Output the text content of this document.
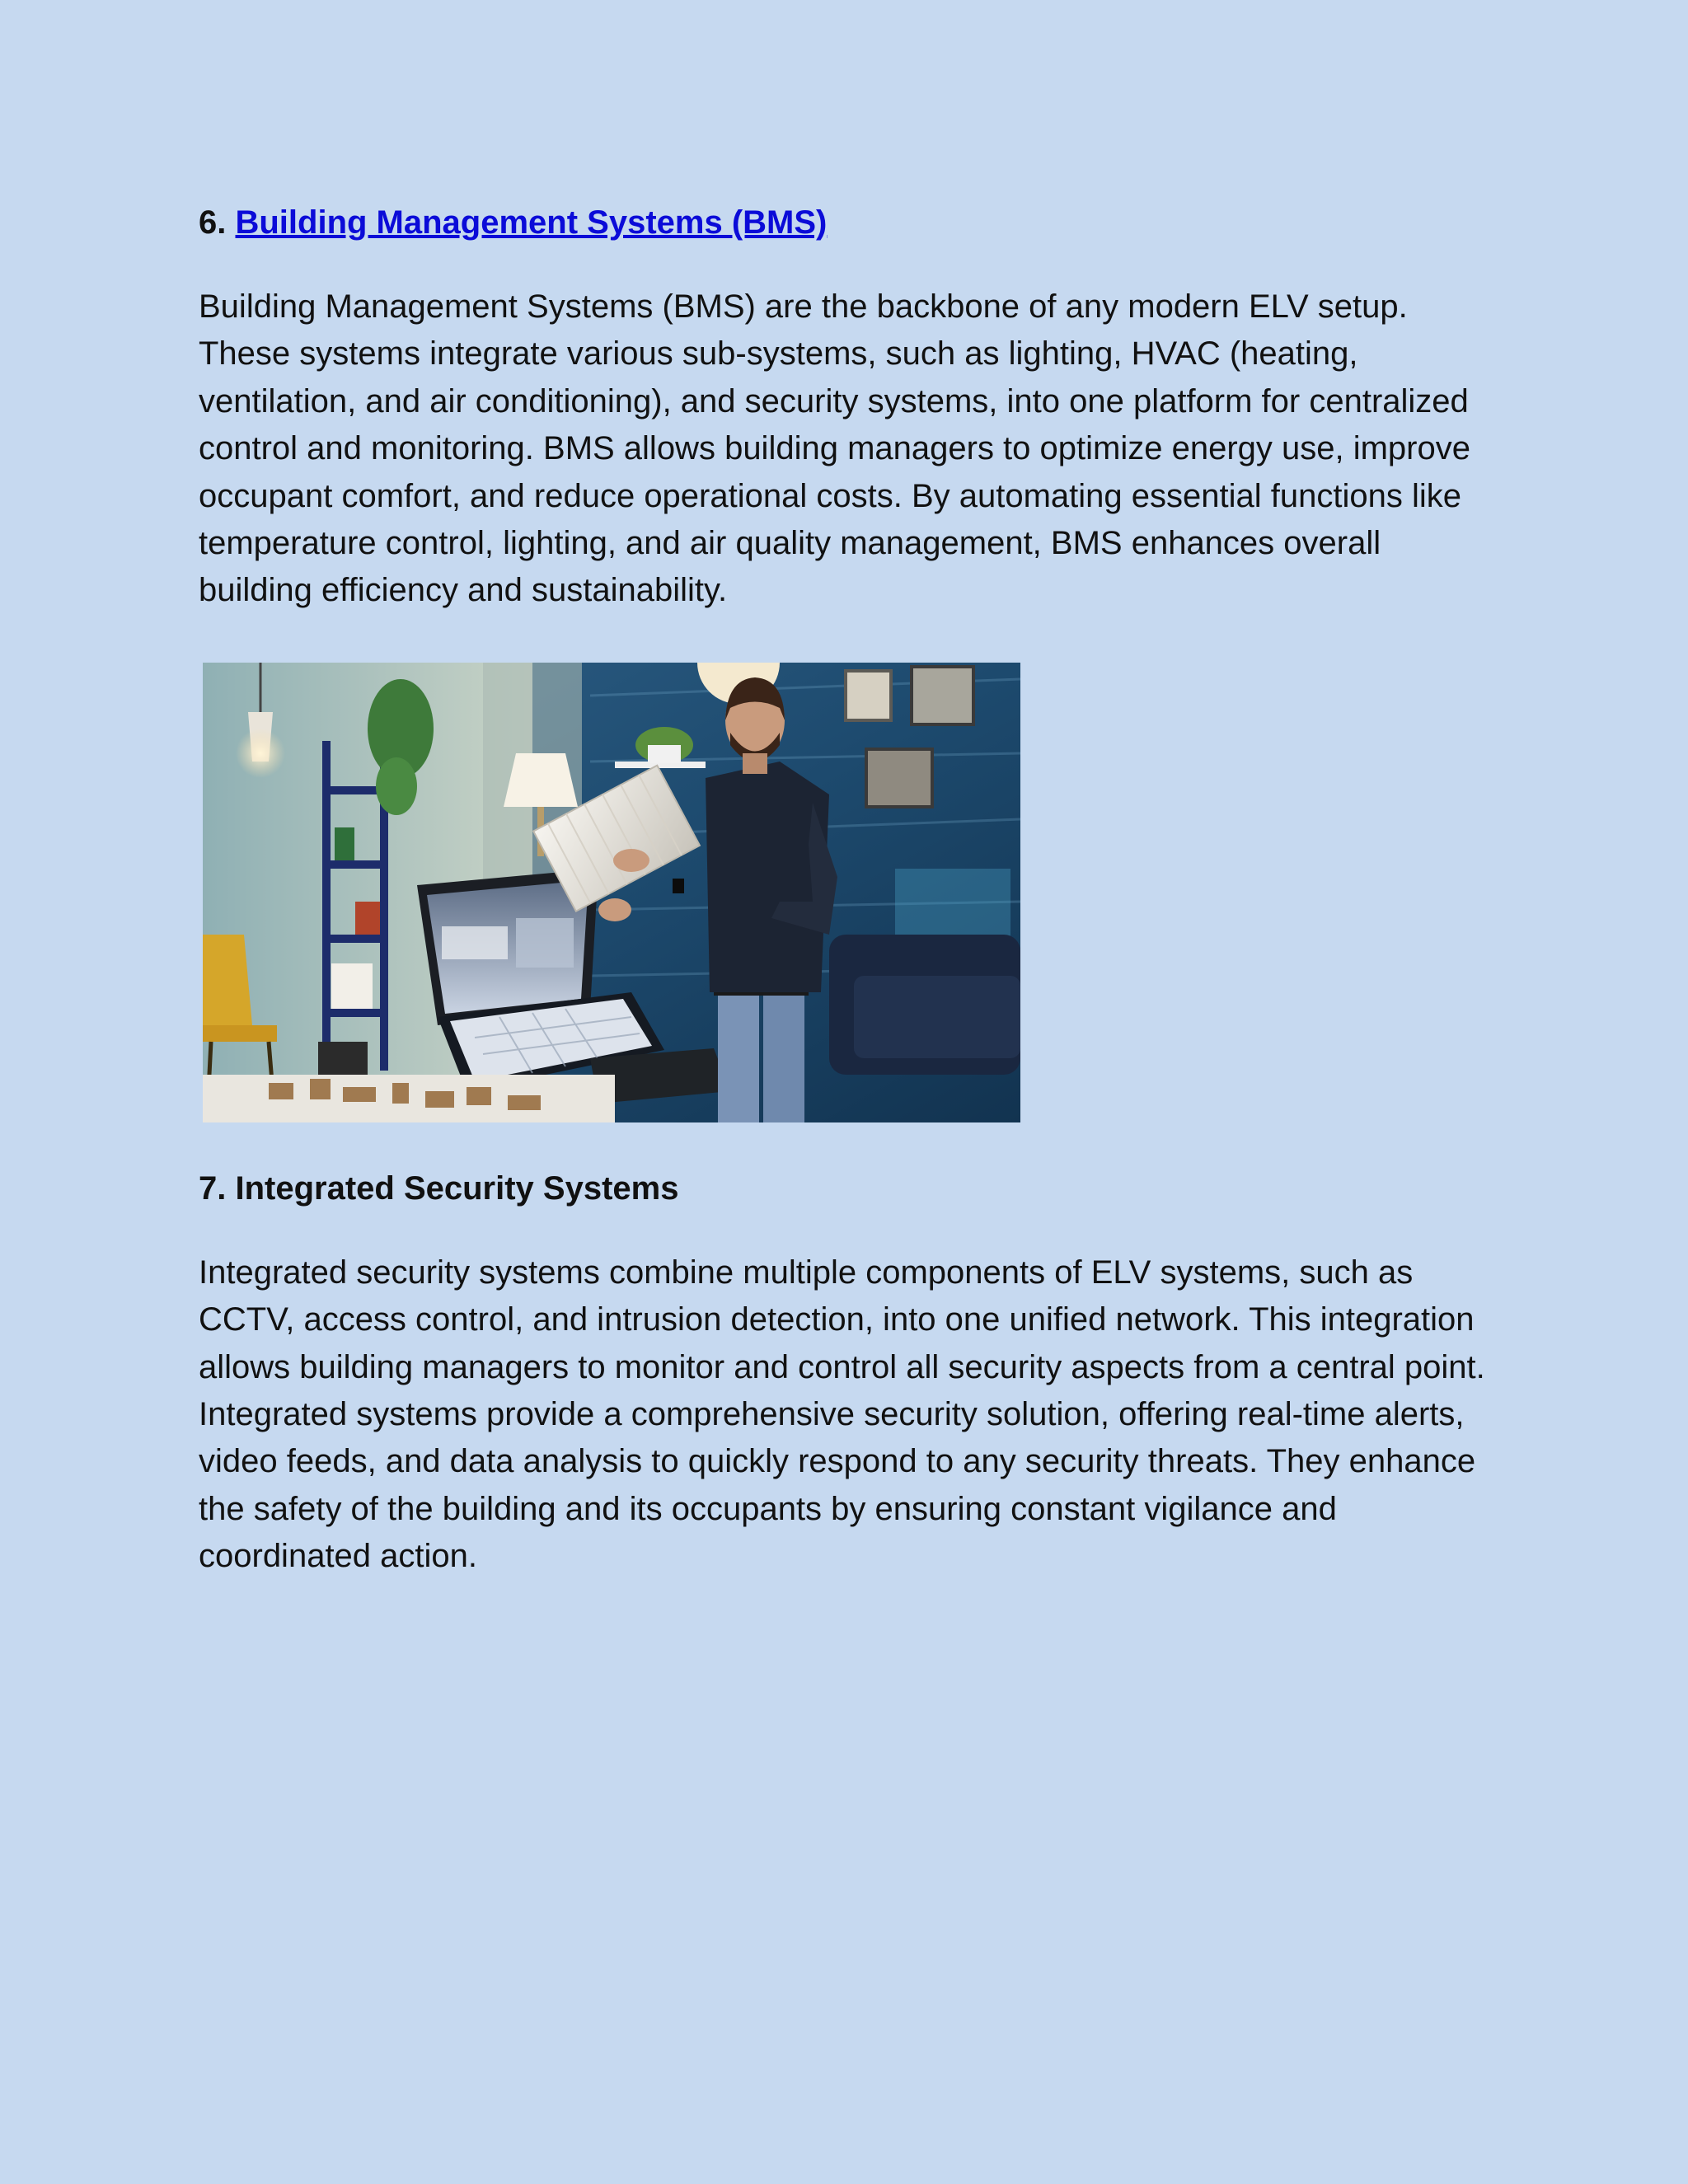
6. Building Management Systems (BMS)

Building Management Systems (BMS) are the backbone of any modern ELV setup. These systems integrate various sub-systems, such as lighting, HVAC (heating, ventilation, and air conditioning), and security systems, into one platform for centralized control and monitoring. BMS allows building managers to optimize energy use, improve occupant comfort, and reduce operational costs. By automating essential functions like temperature control, lighting, and air quality management, BMS enhances overall building efficiency and sustainability.

7. Integrated Security Systems

Integrated security systems combine multiple components of ELV systems, such as CCTV, access control, and intrusion detection, into one unified network. This integration allows building managers to monitor and control all security aspects from a central point. Integrated systems provide a comprehensive security solution, offering real-time alerts, video feeds, and data analysis to quickly respond to any security threats. They enhance the safety of the building and its occupants by ensuring constant vigilance and coordinated action.
